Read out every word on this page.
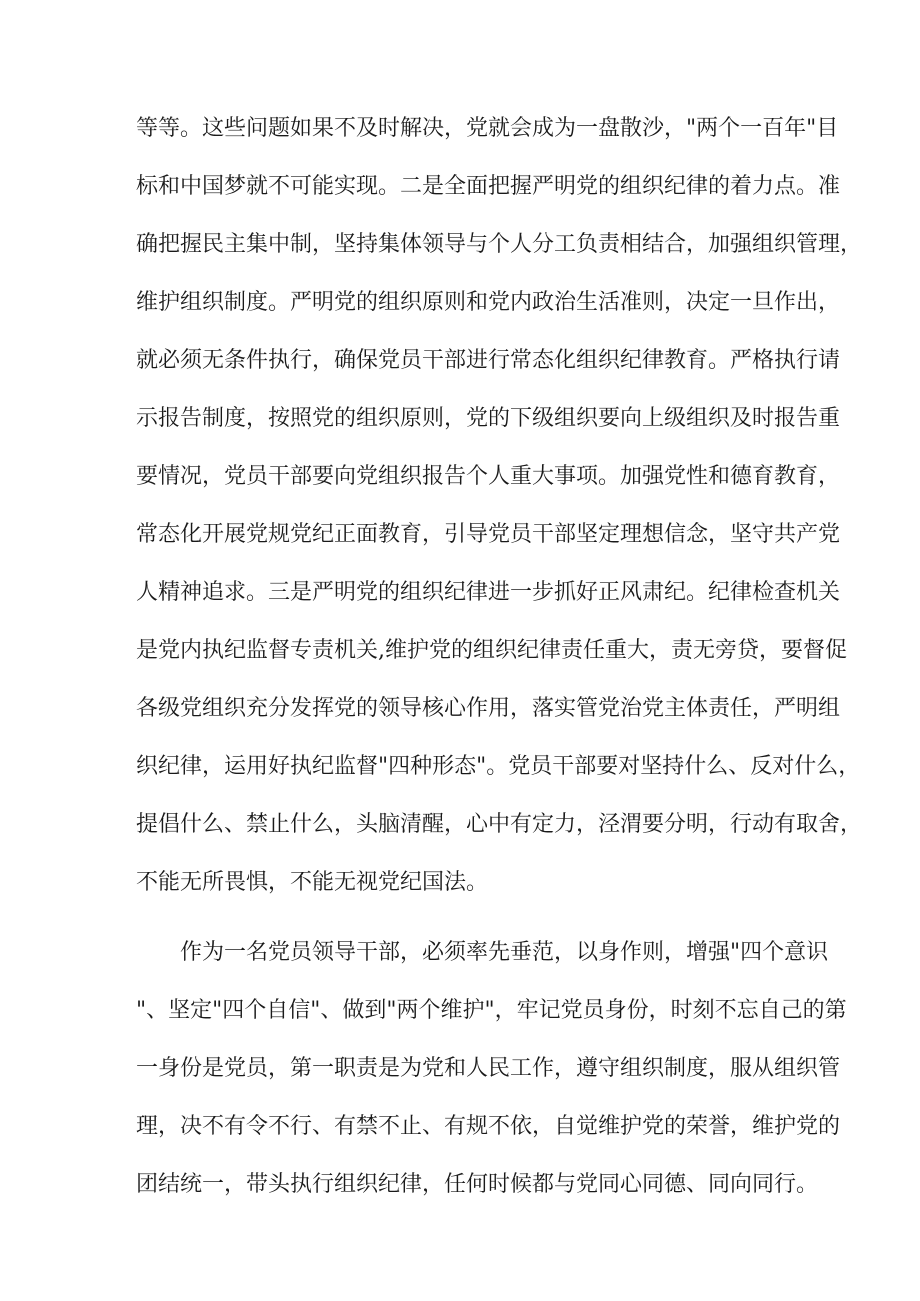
等等。这些问题如果不及时解决，党就会成为一盘散沙，"两个一百年"目
标和中国梦就不可能实现。二是全面把握严明党的组织纪律的着力点。准
确把握民主集中制，坚持集体领导与个人分工负责相结合，加强组织管理，
维护组织制度。严明党的组织原则和党内政治生活准则，决定一旦作出，
就必须无条件执行，确保党员干部进行常态化组织纪律教育。严格执行请
示报告制度，按照党的组织原则，党的下级组织要向上级组织及时报告重
要情况，党员干部要向党组织报告个人重大事项。加强党性和德育教育，
常态化开展党规党纪正面教育，引导党员干部坚定理想信念，坚守共产党
人精神追求。三是严明党的组织纪律进一步抓好正风肃纪。纪律检查机关
是党内执纪监督专责机关,维护党的组织纪律责任重大，责无旁贷，要督促
各级党组织充分发挥党的领导核心作用，落实管党治党主体责任，严明组
织纪律，运用好执纪监督"四种形态"。党员干部要对坚持什么、反对什么，
提倡什么、禁止什么，头脑清醒，心中有定力，泾渭要分明，行动有取舍，
不能无所畏惧，不能无视党纪国法。
作为一名党员领导干部，必须率先垂范，以身作则，增强"四个意识
"、坚定"四个自信"、做到"两个维护"，牢记党员身份，时刻不忘自己的第
一身份是党员，第一职责是为党和人民工作，遵守组织制度，服从组织管
理，决不有令不行、有禁不止、有规不依，自觉维护党的荣誉，维护党的
团结统一，带头执行组织纪律，任何时候都与党同心同德、同向同行。
